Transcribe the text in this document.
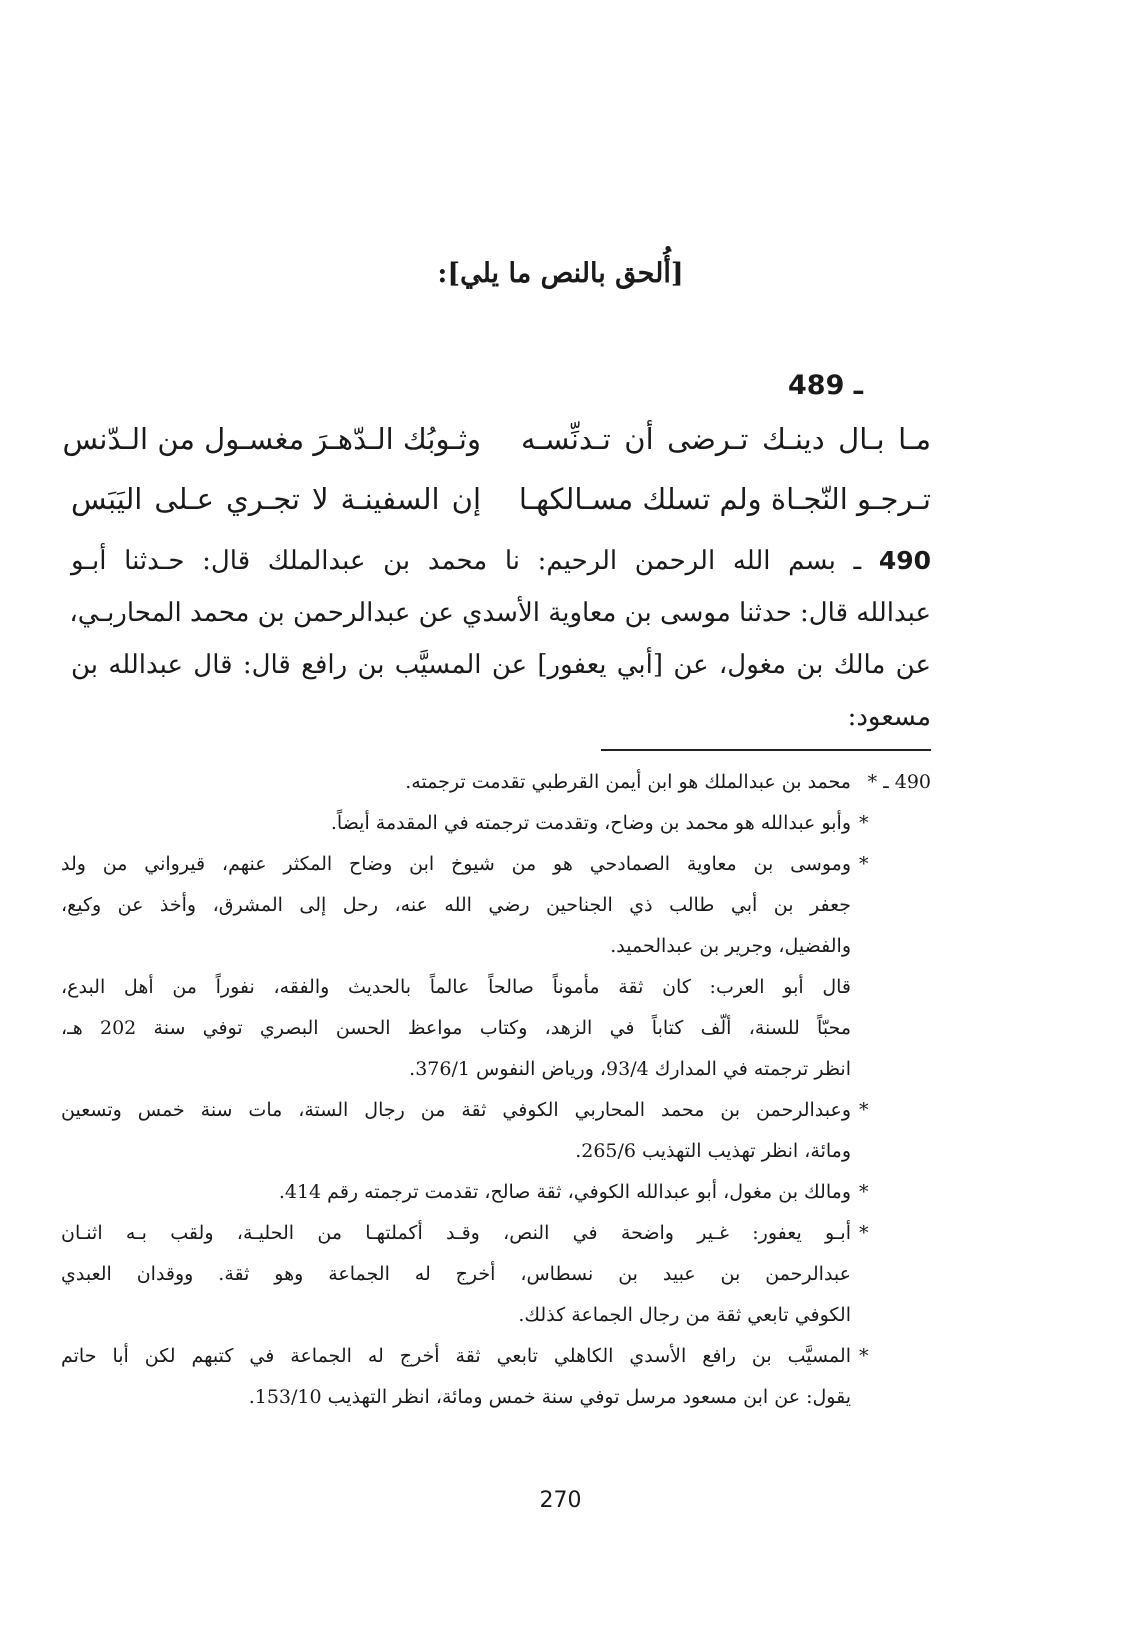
[أُلحق بالنص ما يلي]:
489 ـ
مـا بـال دينـك تـرضى أن تـدنِّسـه
وثـوبُك الـدّهـرَ مغسـول من الـدّنس
تـرجـو النّجـاة ولم تسلك مسـالكهـا
إن السفينـة لا تجـري عـلى اليَبَس
490 ـ بسم الله الرحمن الرحيم: نا محمد بن عبدالملك قال: حـدثنا أبـو
عبدالله قال: حدثنا موسى بن معاوية الأسدي عن عبدالرحمن بن محمد المحاربـي،
عن مالك بن مغول، عن [أبي يعفور] عن المسيَّب بن رافع قال: قال عبدالله بن
مسعود:
490 ـ *
محمد بن عبدالملك هو ابن أيمن القرطبي تقدمت ترجمته.
*
وأبو عبدالله هو محمد بن وضاح، وتقدمت ترجمته في المقدمة أيضاً.
*
وموسى بن معاوية الصمادحي هو من شيوخ ابن وضاح المكثر عنهم، قيرواني من ولد
جعفر بن أبي طالب ذي الجناحين رضي الله عنه، رحل إلى المشرق، وأخذ عن وكيع،
والفضيل، وجرير بن عبدالحميد.
قال أبو العرب: كان ثقة مأموناً صالحاً عالماً بالحديث والفقه، نفوراً من أهل البدع،
محبّاً للسنة، ألّف كتاباً في الزهد، وكتاب مواعظ الحسن البصري توفي سنة 202 هـ،
انظر ترجمته في المدارك 93/4، ورياض النفوس 376/1.
*
وعبدالرحمن بن محمد المحاربي الكوفي ثقة من رجال الستة، مات سنة خمس وتسعين
ومائة، انظر تهذيب التهذيب 265/6.
*
ومالك بن مغول، أبو عبدالله الكوفي، ثقة صالح، تقدمت ترجمته رقم 414.
*
أبـو يعفور: غـير واضحة في النص، وقـد أكملتهـا من الحليـة، ولقب بـه اثنـان
عبدالرحمن بن عبيد بن نسطاس، أخرج له الجماعة وهو ثقة. ووقدان العبدي
الكوفي تابعي ثقة من رجال الجماعة كذلك.
*
المسيَّب بن رافع الأسدي الكاهلي تابعي ثقة أخرج له الجماعة في كتبهم لكن أبا حاتم
يقول: عن ابن مسعود مرسل توفي سنة خمس ومائة، انظر التهذيب 153/10.
270
